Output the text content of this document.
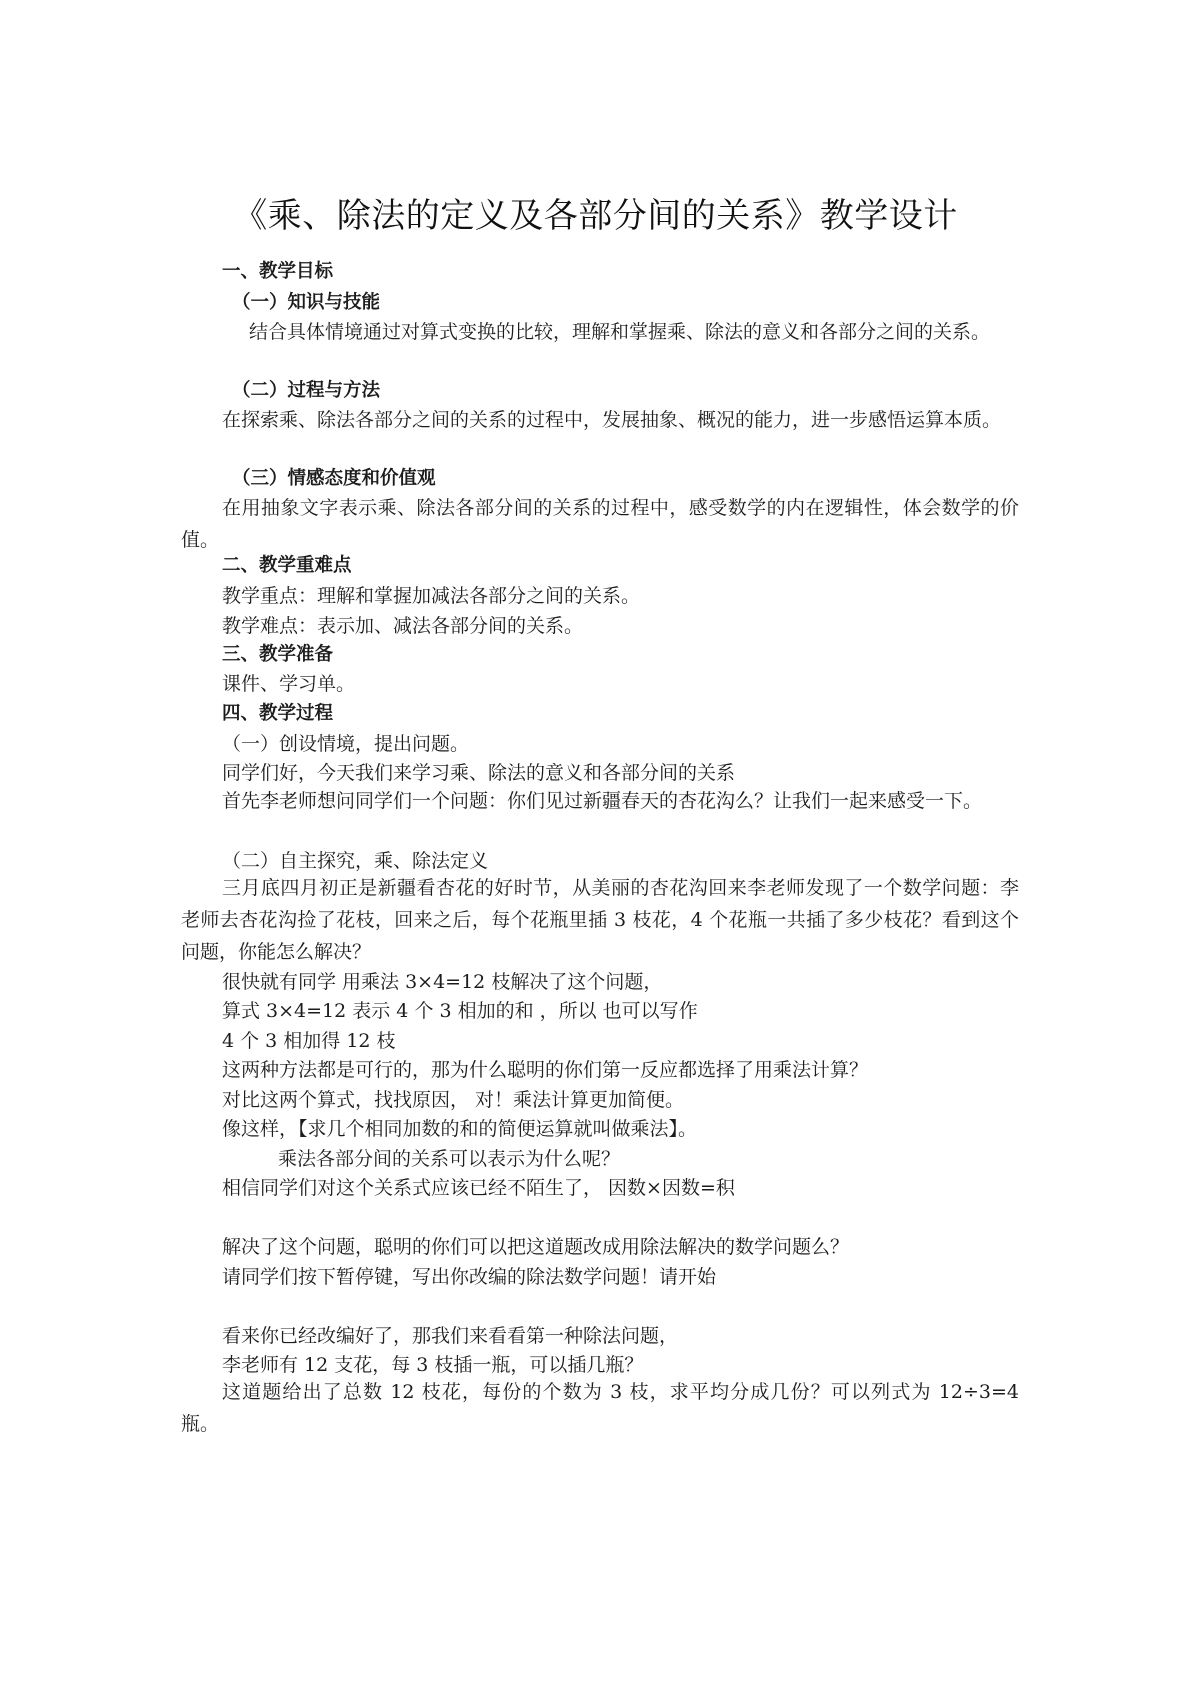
《乘、除法的定义及各部分间的关系》教学设计

一、教学目标

（一）知识与技能

结合具体情境通过对算式变换的比较，理解和掌握乘、除法的意义和各部分之间的关系。

（二）过程与方法

在探索乘、除法各部分之间的关系的过程中，发展抽象、概况的能力，进一步感悟运算本质。

（三）情感态度和价值观

在用抽象文字表示乘、除法各部分间的关系的过程中，感受数学的内在逻辑性，体会数学的价值。

二、教学重难点

教学重点：理解和掌握加减法各部分之间的关系。

教学难点：表示加、减法各部分间的关系。

三、教学准备

课件、学习单。

四、教学过程

（一）创设情境，提出问题。

同学们好，今天我们来学习乘、除法的意义和各部分间的关系

首先李老师想问同学们一个问题：你们见过新疆春天的杏花沟么？让我们一起来感受一下。

（二）自主探究，乘、除法定义

三月底四月初正是新疆看杏花的好时节，从美丽的杏花沟回来李老师发现了一个数学问题：李老师去杏花沟捡了花枝，回来之后，每个花瓶里插 3 枝花，4 个花瓶一共插了多少枝花？看到这个问题，你能怎么解决？

很快就有同学 用乘法 3×4=12 枝解决了这个问题，

算式 3×4=12 表示 4 个 3 相加的和 ，所以 也可以写作

4 个 3 相加得 12 枝

这两种方法都是可行的，那为什么聪明的你们第一反应都选择了用乘法计算？

对比这两个算式，找找原因， 对！乘法计算更加简便。

像这样，【求几个相同加数的和的简便运算就叫做乘法】。

乘法各部分间的关系可以表示为什么呢？

相信同学们对这个关系式应该已经不陌生了， 因数×因数=积

解决了这个问题，聪明的你们可以把这道题改成用除法解决的数学问题么？

请同学们按下暂停键，写出你改编的除法数学问题！请开始

看来你已经改编好了，那我们来看看第一种除法问题，

李老师有 12 支花，每 3 枝插一瓶，可以插几瓶？

这道题给出了总数 12 枝花，每份的个数为 3 枝，求平均分成几份？可以列式为 12÷3=4 瓶。
